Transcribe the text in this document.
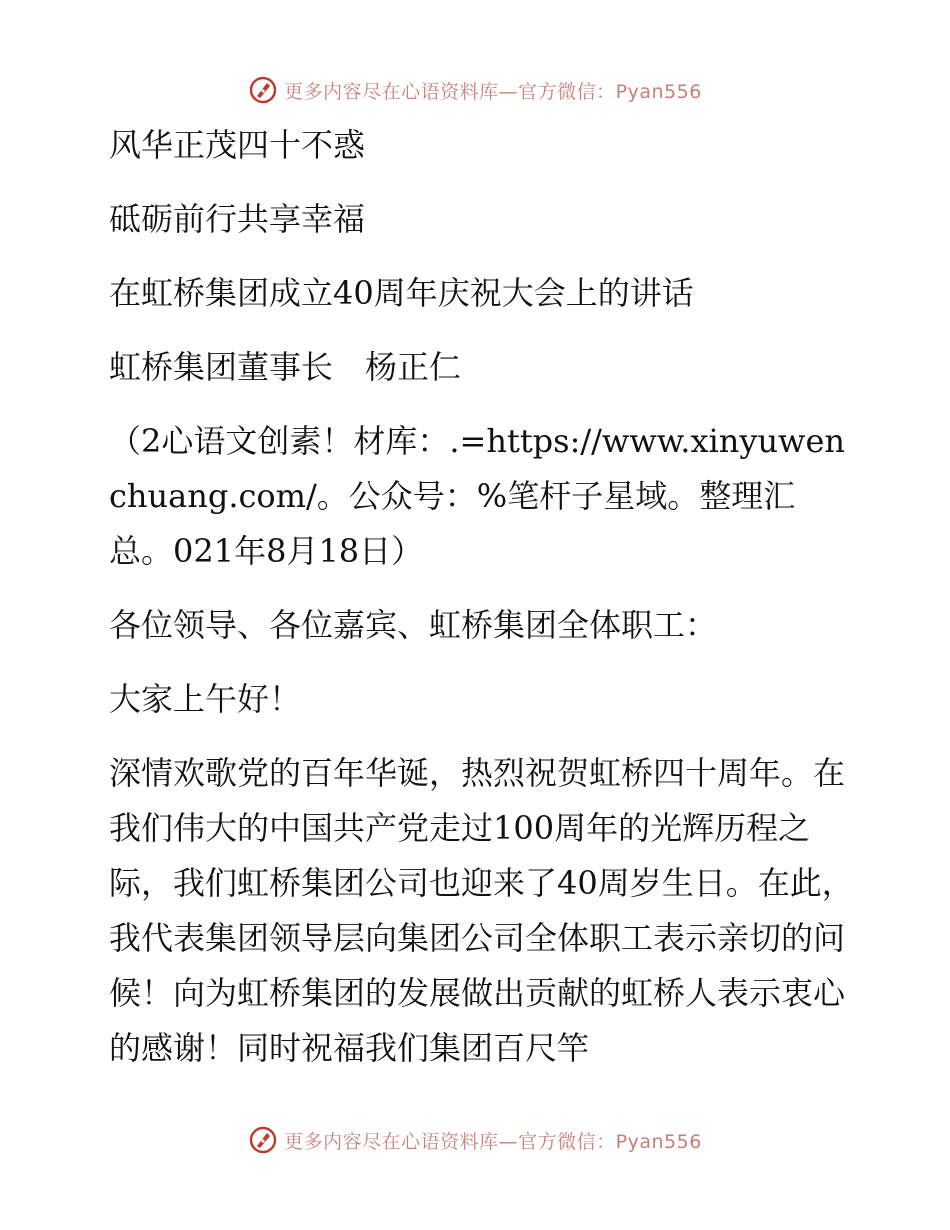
更多内容尽在心语资料库—官方微信：Pyan556

风华正茂四十不惑

砥砺前行共享幸福

在虹桥集团成立40周年庆祝大会上的讲话

虹桥集团董事长　杨正仁

（2心语文创素！材库：.=https://www.xinyuwenchuang.com/。公众号：%笔杆子星域。整理汇总。021年8月18日）

各位领导、各位嘉宾、虹桥集团全体职工：

大家上午好！

深情欢歌党的百年华诞，热烈祝贺虹桥四十周年。在我们伟大的中国共产党走过100周年的光辉历程之际，我们虹桥集团公司也迎来了40周岁生日。在此，我代表集团领导层向集团公司全体职工表示亲切的问候！向为虹桥集团的发展做出贡献的虹桥人表示衷心的感谢！同时祝福我们集团百尺竿

更多内容尽在心语资料库—官方微信：Pyan556
